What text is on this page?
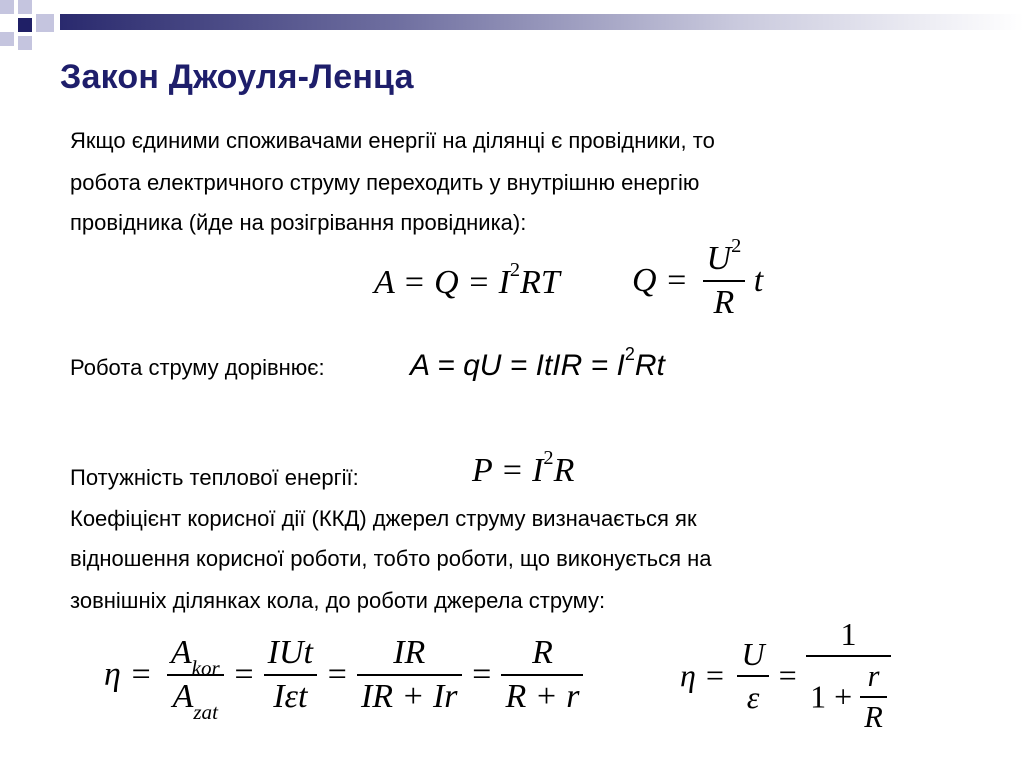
Закон Джоуля-Ленца
Якщо єдиними споживачами енергії на ділянці є провідники, то
робота електричного струму переходить у внутрішню енергію
провідника (йде на розігрівання провідника):
$A = Q = I^2RT$ $Q = \frac{U^2}{R}$ t
Робота струму дорівнює:	A = qU = ItIR = $I^2Rt$
Потужність теплової енергії:	$P = I^2R$
Коефіцієнт корисної дії (ККД) джерел струму визначається як
відношення корисної роботи, тобто роботи, що виконується на
зовнішніх ділянках кола, до роботи джерела струму:
$\eta = \frac{A_{kor}}{A_{zat}} = \frac{\text{IUt}}{\text{Iεt}} = \frac{IR}{IR + Ir} = \frac{R}{R + r}$	$\eta = \frac{U}{\varepsilon} = \frac{1}{1 + \frac{r}{R}}$
